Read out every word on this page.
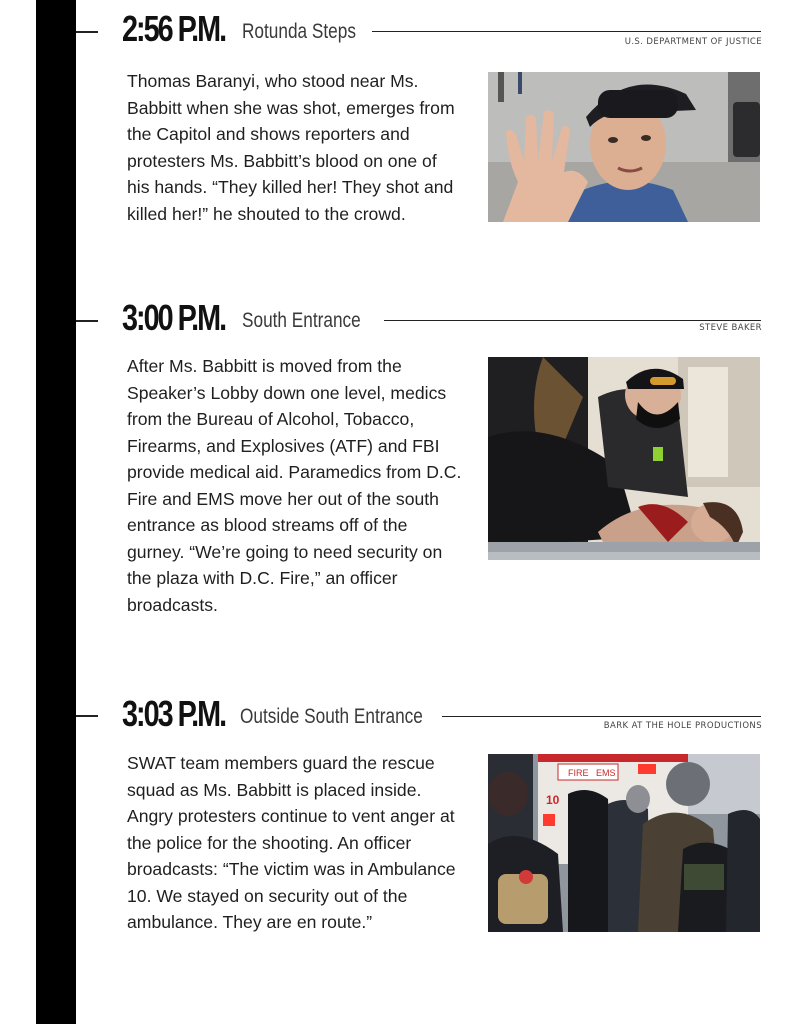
2:56 P.M. Rotunda Steps	U.S. DEPARTMENT OF JUSTICE
Thomas Baranyi, who stood near Ms. Babbitt when she was shot, emerges from the Capitol and shows reporters and protesters Ms. Babbitt’s blood on one of his hands. “They killed her! They shot and killed her!” he shouted to the crowd.
3:00 P.M. South Entrance	STEVE BAKER
After Ms. Babbitt is moved from the Speaker’s Lobby down one level, medics from the Bureau of Alcohol, Tobacco, Firearms, and Explosives (ATF) and FBI provide medical aid. Paramedics from D.C. Fire and EMS move her out of the south entrance as blood streams off of the gurney. “We’re going to need security on the plaza with D.C. Fire,” an officer broadcasts.
3:03 P.M. Outside South Entrance	BARK AT THE HOLE PRODUCTIONS
SWAT team members guard the rescue squad as Ms. Babbitt is placed inside. Angry protesters continue to vent anger at the police for the shooting. An officer broadcasts: “The victim was in Ambulance 10. We stayed on security out of the ambulance. They are en route.”
FIRE EMS
10
